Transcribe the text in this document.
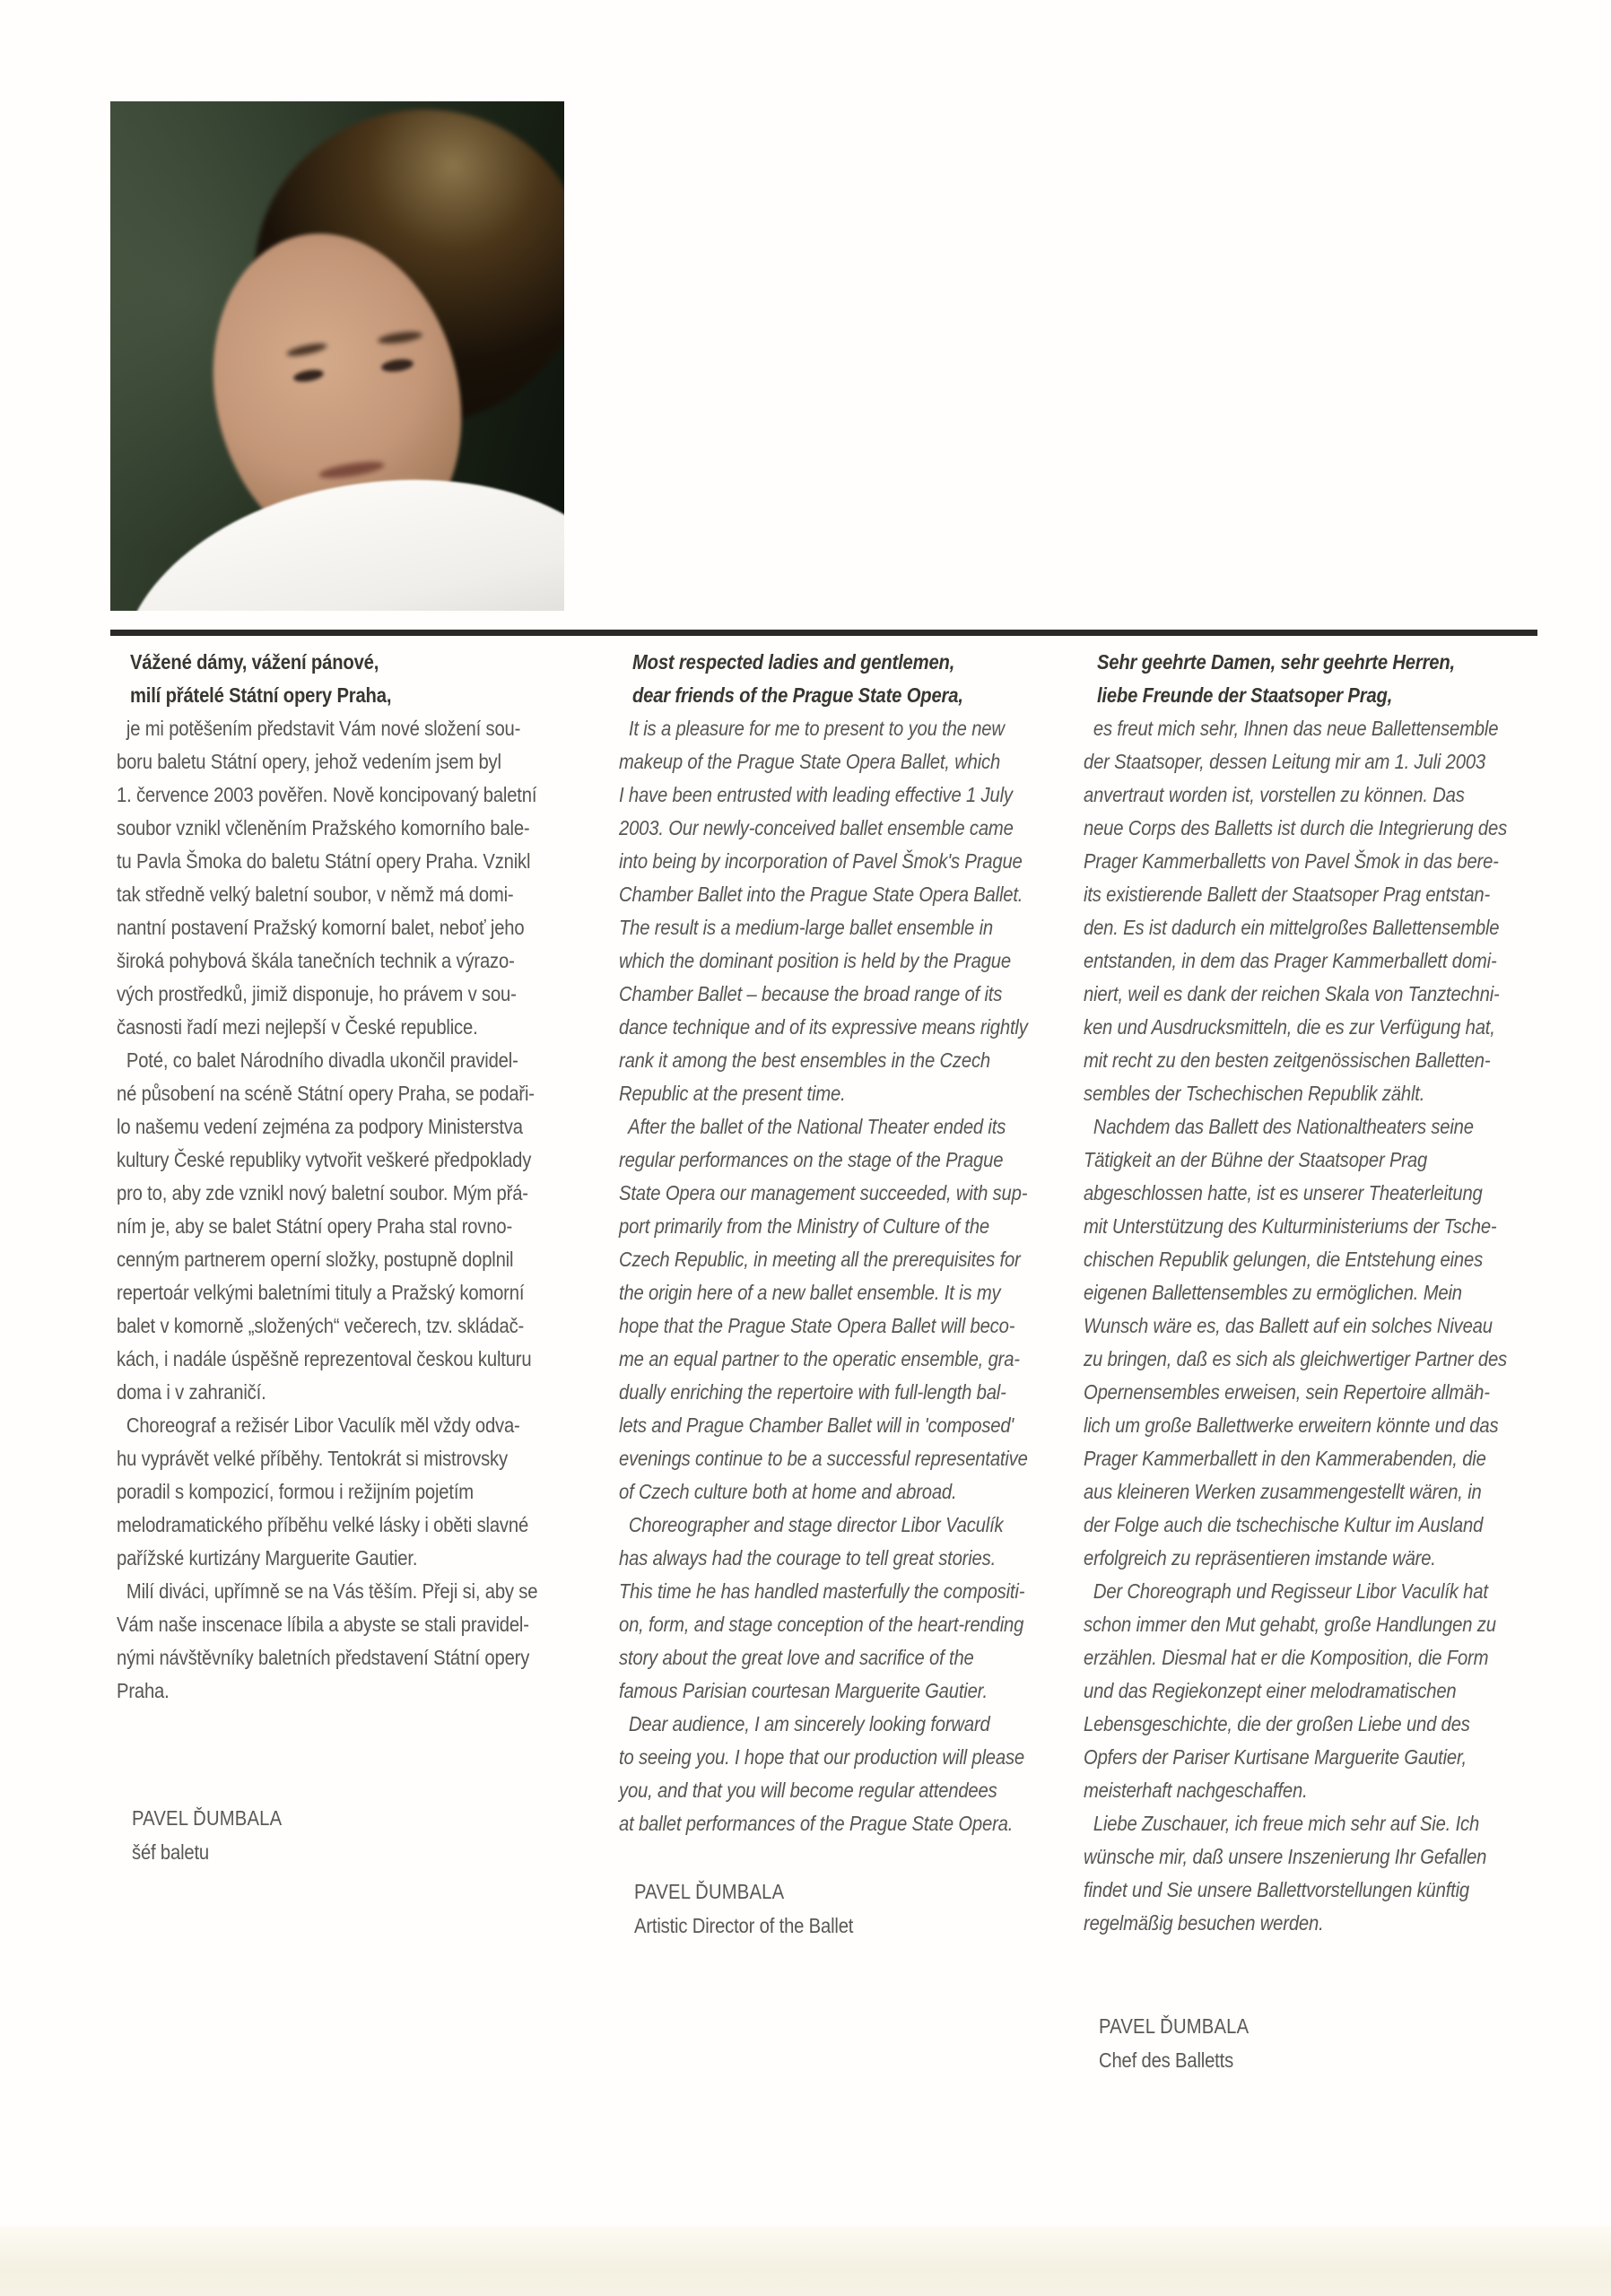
Vážené dámy, vážení pánové,
milí přátelé Státní opery Praha,
je mi potěšením představit Vám nové složení sou-
boru baletu Státní opery, jehož vedením jsem byl
1. července 2003 pověřen. Nově koncipovaný baletní
soubor vznikl včleněním Pražského komorního bale-
tu Pavla Šmoka do baletu Státní opery Praha. Vznikl
tak středně velký baletní soubor, v němž má domi-
nantní postavení Pražský komorní balet, neboť jeho
široká pohybová škála tanečních technik a výrazo-
vých prostředků, jimiž disponuje, ho právem v sou-
časnosti řadí mezi nejlepší v České republice.
Poté, co balet Národního divadla ukončil pravidel-
né působení na scéně Státní opery Praha, se podaři-
lo našemu vedení zejména za podpory Ministerstva
kultury České republiky vytvořit veškeré předpoklady
pro to, aby zde vznikl nový baletní soubor. Mým přá-
ním je, aby se balet Státní opery Praha stal rovno-
cenným partnerem operní složky, postupně doplnil
repertoár velkými baletními tituly a Pražský komorní
balet v komorně „složených“ večerech, tzv. skládač-
kách, i nadále úspěšně reprezentoval českou kulturu
doma i v zahraničí.
Choreograf a režisér Libor Vaculík měl vždy odva-
hu vyprávět velké příběhy. Tentokrát si mistrovsky
poradil s kompozicí, formou i režijním pojetím
melodramatického příběhu velké lásky i oběti slavné
pařížské kurtizány Marguerite Gautier.
Milí diváci, upřímně se na Vás těším. Přeji si, aby se
Vám naše inscenace líbila a abyste se stali pravidel-
nými návštěvníky baletních představení Státní opery
Praha.
Most respected ladies and gentlemen,
dear friends of the Prague State Opera,
It is a pleasure for me to present to you the new
makeup of the Prague State Opera Ballet, which
I have been entrusted with leading effective 1 July
2003. Our newly-conceived ballet ensemble came
into being by incorporation of Pavel Šmok's Prague
Chamber Ballet into the Prague State Opera Ballet.
The result is a medium-large ballet ensemble in
which the dominant position is held by the Prague
Chamber Ballet – because the broad range of its
dance technique and of its expressive means rightly
rank it among the best ensembles in the Czech
Republic at the present time.
After the ballet of the National Theater ended its
regular performances on the stage of the Prague
State Opera our management succeeded, with sup-
port primarily from the Ministry of Culture of the
Czech Republic, in meeting all the prerequisites for
the origin here of a new ballet ensemble. It is my
hope that the Prague State Opera Ballet will beco-
me an equal partner to the operatic ensemble, gra-
dually enriching the repertoire with full-length bal-
lets and Prague Chamber Ballet will in 'composed'
evenings continue to be a successful representative
of Czech culture both at home and abroad.
Choreographer and stage director Libor Vaculík
has always had the courage to tell great stories.
This time he has handled masterfully the compositi-
on, form, and stage conception of the heart-rending
story about the great love and sacrifice of the
famous Parisian courtesan Marguerite Gautier.
Dear audience, I am sincerely looking forward
to seeing you. I hope that our production will please
you, and that you will become regular attendees
at ballet performances of the Prague State Opera.
Sehr geehrte Damen, sehr geehrte Herren,
liebe Freunde der Staatsoper Prag,
es freut mich sehr, Ihnen das neue Ballettensemble
der Staatsoper, dessen Leitung mir am 1. Juli 2003
anvertraut worden ist, vorstellen zu können. Das
neue Corps des Balletts ist durch die Integrierung des
Prager Kammerballetts von Pavel Šmok in das bere-
its existierende Ballett der Staatsoper Prag entstan-
den. Es ist dadurch ein mittelgroßes Ballettensemble
entstanden, in dem das Prager Kammerballett domi-
niert, weil es dank der reichen Skala von Tanztechni-
ken und Ausdrucksmitteln, die es zur Verfügung hat,
mit recht zu den besten zeitgenössischen Balletten-
sembles der Tschechischen Republik zählt.
Nachdem das Ballett des Nationaltheaters seine
Tätigkeit an der Bühne der Staatsoper Prag
abgeschlossen hatte, ist es unserer Theaterleitung
mit Unterstützung des Kulturministeriums der Tsche-
chischen Republik gelungen, die Entstehung eines
eigenen Ballettensembles zu ermöglichen. Mein
Wunsch wäre es, das Ballett auf ein solches Niveau
zu bringen, daß es sich als gleichwertiger Partner des
Opernensembles erweisen, sein Repertoire allmäh-
lich um große Ballettwerke erweitern könnte und das
Prager Kammerballett in den Kammerabenden, die
aus kleineren Werken zusammengestellt wären, in
der Folge auch die tschechische Kultur im Ausland
erfolgreich zu repräsentieren imstande wäre.
Der Choreograph und Regisseur Libor Vaculík hat
schon immer den Mut gehabt, große Handlungen zu
erzählen. Diesmal hat er die Komposition, die Form
und das Regiekonzept einer melodramatischen
Lebensgeschichte, die der großen Liebe und des
Opfers der Pariser Kurtisane Marguerite Gautier,
meisterhaft nachgeschaffen.
Liebe Zuschauer, ich freue mich sehr auf Sie. Ich
wünsche mir, daß unsere Inszenierung Ihr Gefallen
findet und Sie unsere Ballettvorstellungen künftig
regelmäßig besuchen werden.
PAVEL ĎUMBALA
šéf baletu
PAVEL ĎUMBALA
Artistic Director of the Ballet
PAVEL ĎUMBALA
Chef des Balletts
